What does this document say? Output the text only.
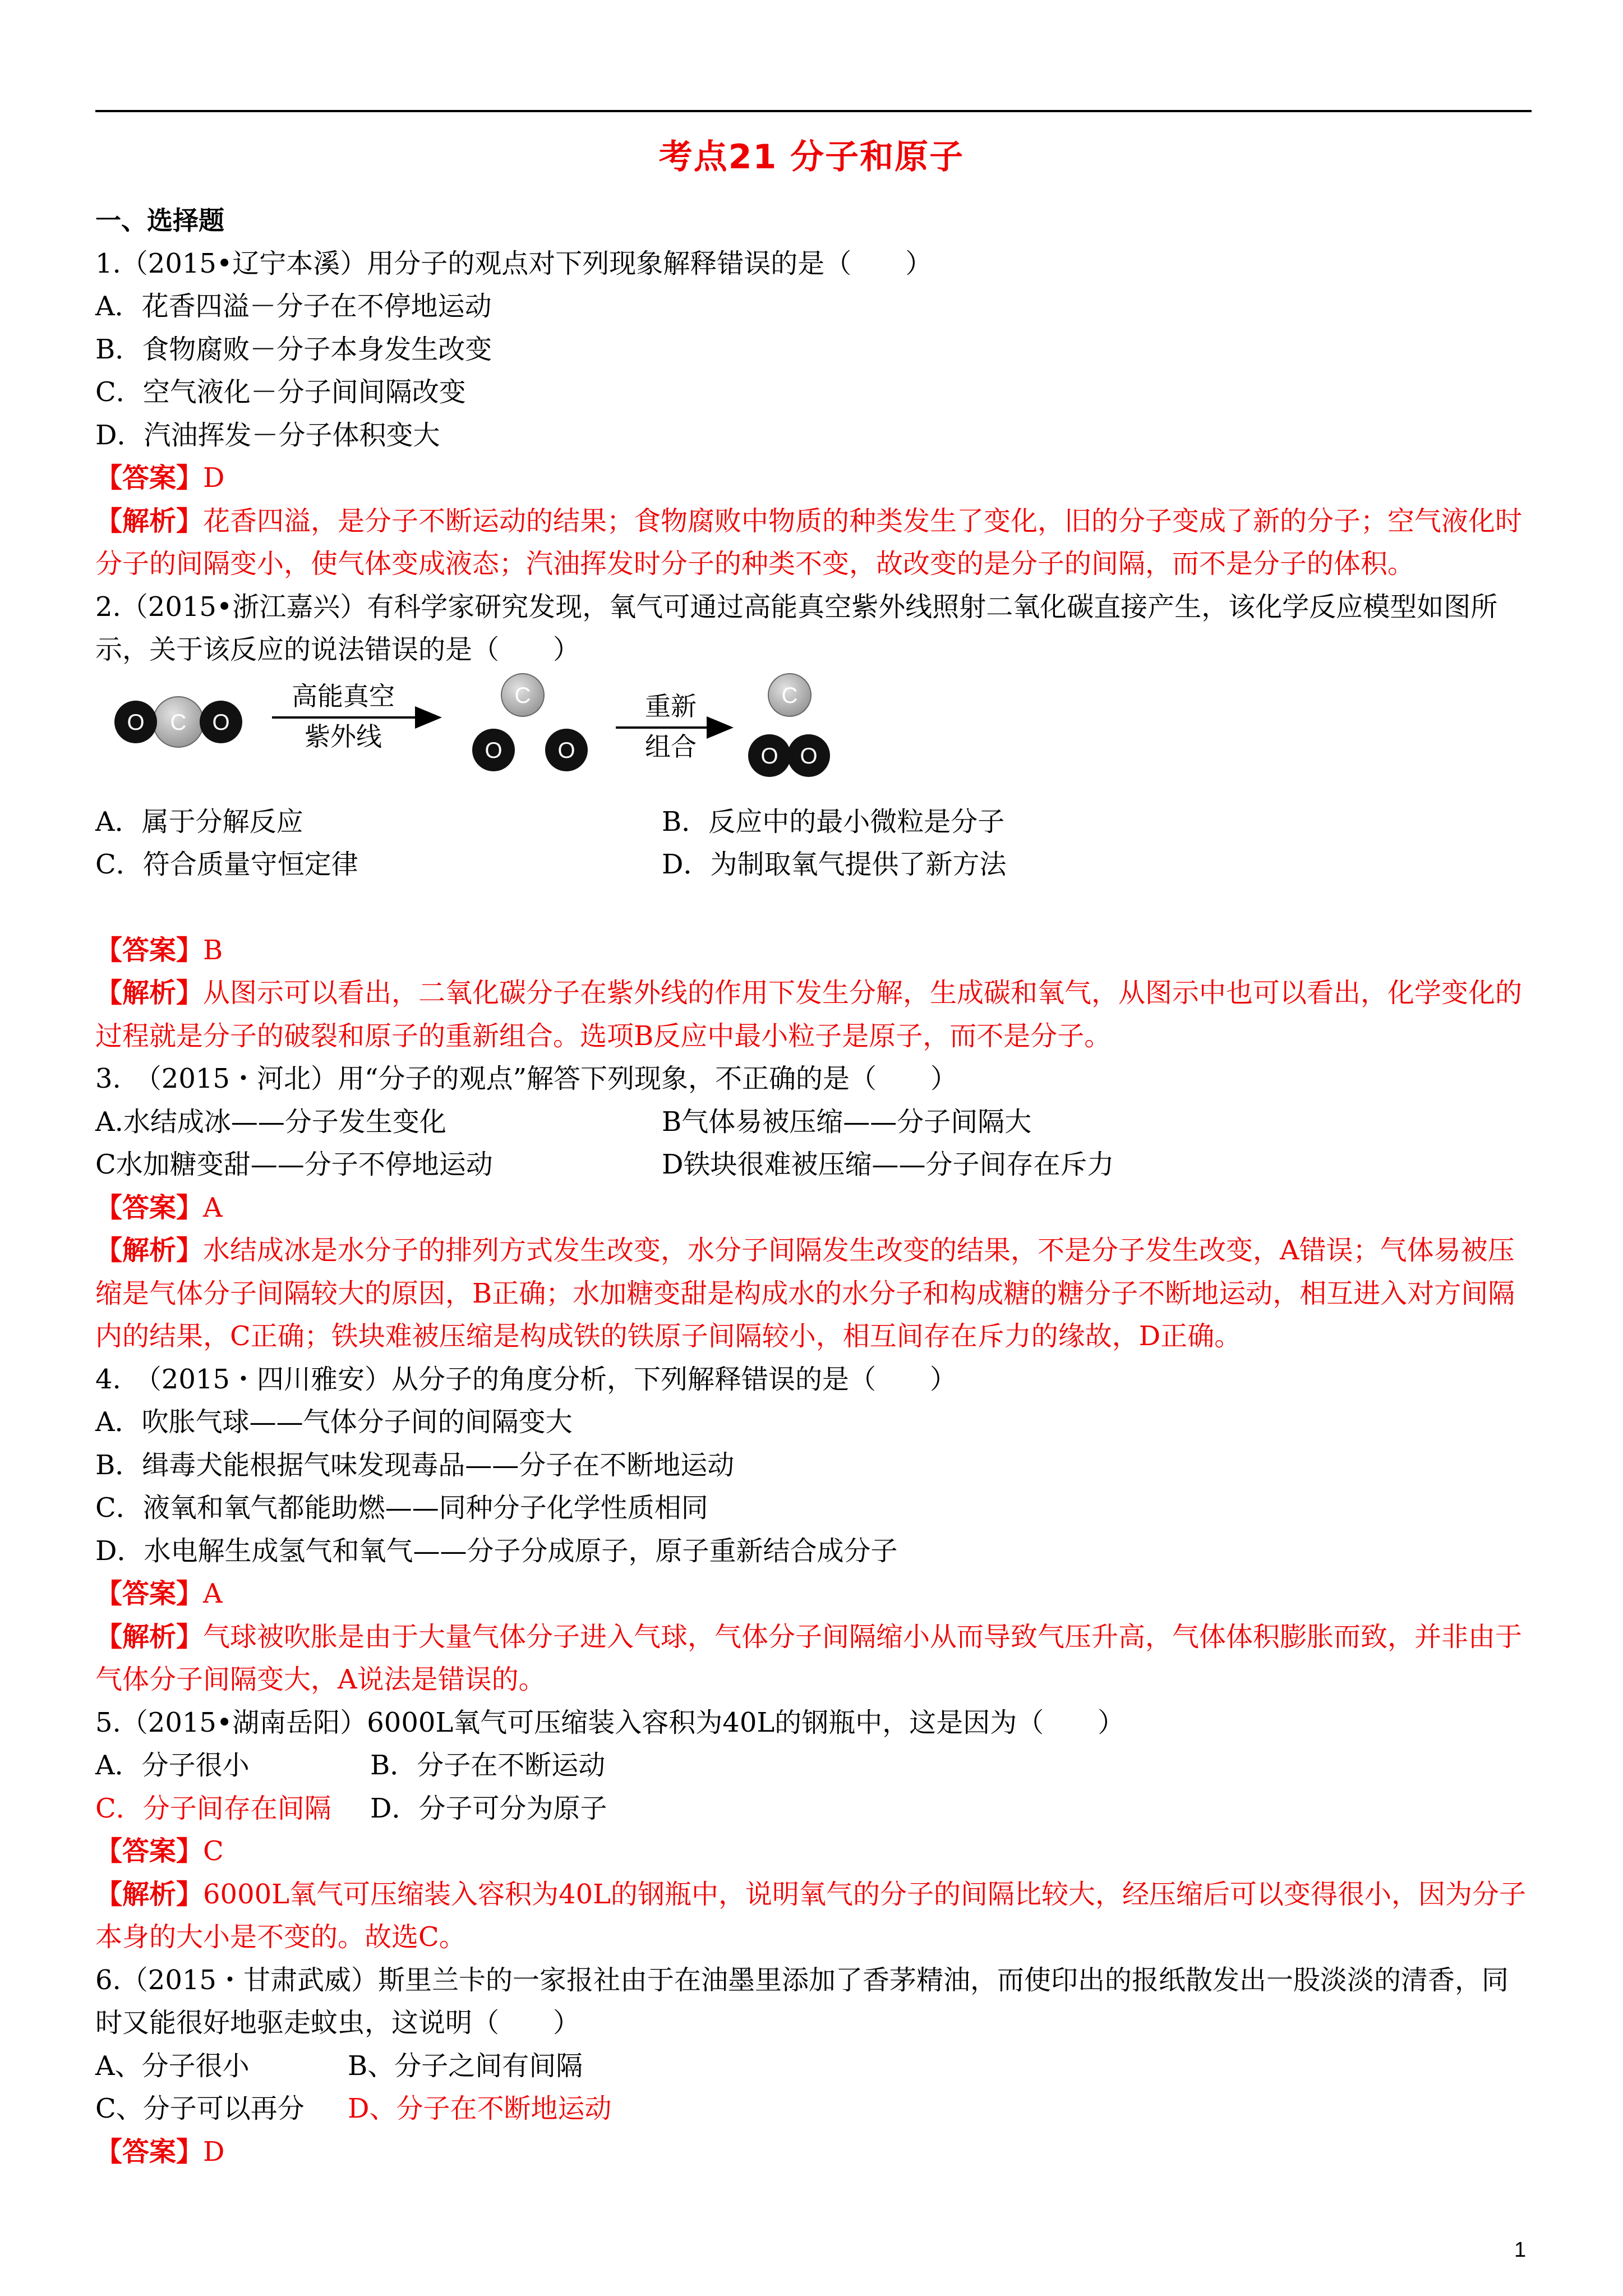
考点21 分子和原子
一、选择题
1.（2015•辽宁本溪）用分子的观点对下列现象解释错误的是（　　）
A．花香四溢－分子在不停地运动
B．食物腐败－分子本身发生改变
C．空气液化－分子间间隔改变
D．汽油挥发－分子体积变大
【答案】D
【解析】花香四溢，是分子不断运动的结果；食物腐败中物质的种类发生了变化，旧的分子变成了新的分子；空气液化时分子的间隔变小，使气体变成液态；汽油挥发时分子的种类不变，故改变的是分子的间隔，而不是分子的体积。
2.（2015•浙江嘉兴）有科学家研究发现，氧气可通过高能真空紫外线照射二氧化碳直接产生，该化学反应模型如图所示，关于该反应的说法错误的是（　　）
O C O
高能真空
紫外线
C
O O
重新
组合
C
O O
A．属于分解反应	B．反应中的最小微粒是分子
C．符合质量守恒定律	D．为制取氧气提供了新方法
【答案】B
【解析】从图示可以看出，二氧化碳分子在紫外线的作用下发生分解，生成碳和氧气，从图示中也可以看出，化学变化的过程就是分子的破裂和原子的重新组合。选项B反应中最小粒子是原子，而不是分子。
3.　（2015・河北）用“分子的观点”解答下列现象，不正确的是（　　）
A.水结成冰——分子发生变化	B气体易被压缩——分子间隔大
C水加糖变甜——分子不停地运动	D铁块很难被压缩——分子间存在斥力
【答案】A
【解析】水结成冰是水分子的排列方式发生改变，水分子间隔发生改变的结果，不是分子发生改变，A错误；气体易被压缩是气体分子间隔较大的原因，B正确；水加糖变甜是构成水的水分子和构成糖的糖分子不断地运动，相互进入对方间隔内的结果，C正确；铁块难被压缩是构成铁的铁原子间隔较小，相互间存在斥力的缘故，D正确。
4.　（2015・四川雅安）从分子的角度分析，下列解释错误的是（　　）
A．吹胀气球——气体分子间的间隔变大
B．缉毒犬能根据气味发现毒品——分子在不断地运动
C．液氧和氧气都能助燃——同种分子化学性质相同
D．水电解生成氢气和氧气——分子分成原子，原子重新结合成分子
【答案】A
【解析】气球被吹胀是由于大量气体分子进入气球，气体分子间隔缩小从而导致气压升高，气体体积膨胀而致，并非由于气体分子间隔变大，A说法是错误的。
5.（2015•湖南岳阳）6000L氧气可压缩装入容积为40L的钢瓶中，这是因为（　　）
A．分子很小	B．分子在不断运动
C．分子间存在间隔 D．分子可分为原子
【答案】C
【解析】6000L氧气可压缩装入容积为40L的钢瓶中，说明氧气的分子的间隔比较大，经压缩后可以变得很小，因为分子本身的大小是不变的。故选C。
6.（2015・甘肃武威）斯里兰卡的一家报社由于在油墨里添加了香茅精油，而使印出的报纸散发出一股淡淡的清香，同时又能很好地驱走蚊虫，这说明（　　）
A、分子很小	B、分子之间有间隔
C、分子可以再分 D、分子在不断地运动
【答案】D
1
